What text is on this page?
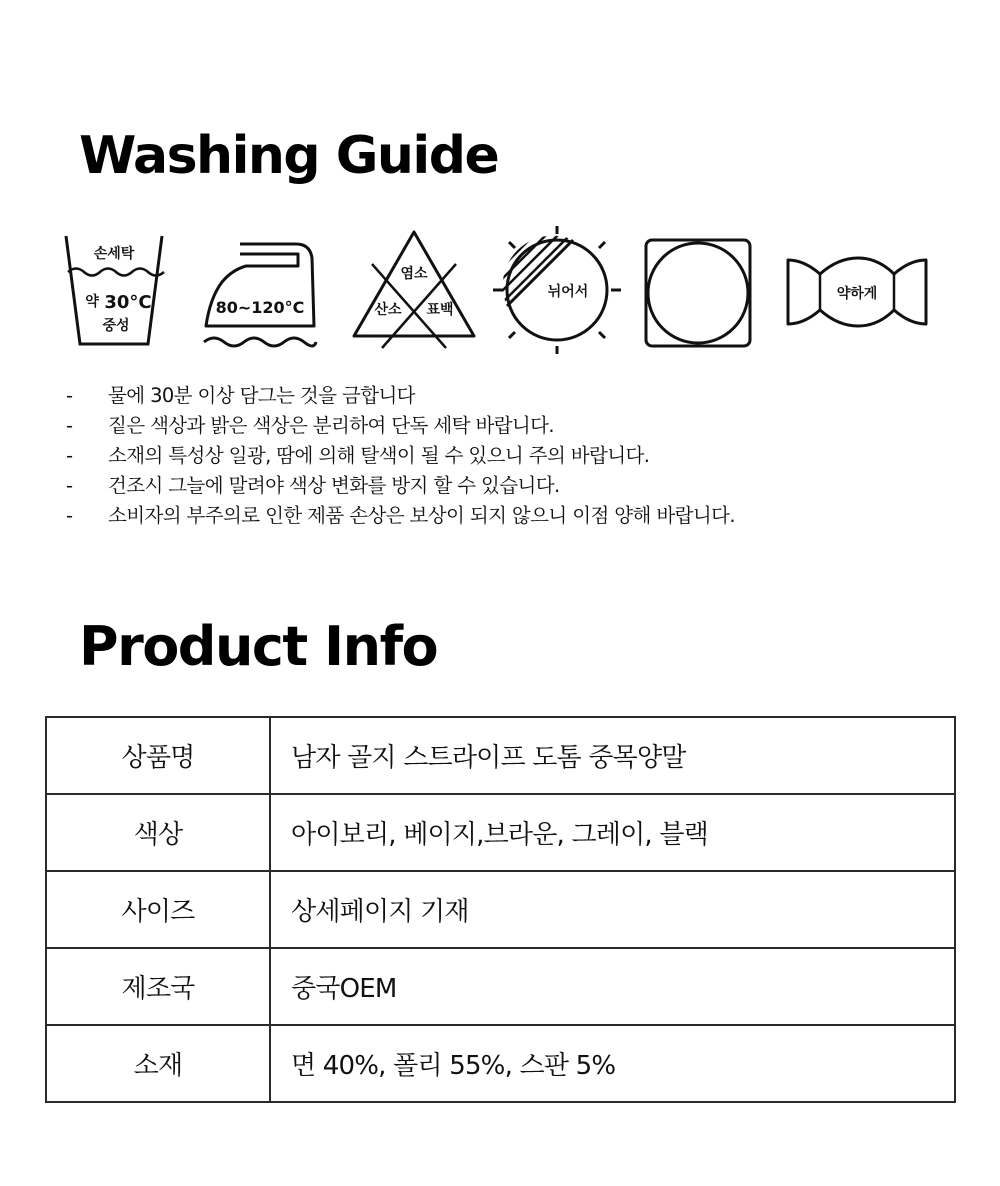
Washing Guide
손세탁
약 30°C
중성
80~120°C
염소
산소 표백
뉘어서	약하게
- 물에 30분 이상 담그는 것을 금합니다
- 짙은 색상과 밝은 색상은 분리하여 단독 세탁 바랍니다.
- 소재의 특성상 일광, 땀에 의해 탈색이 될 수 있으니 주의 바랍니다.
- 건조시 그늘에 말려야 색상 변화를 방지 할 수 있습니다.
- 소비자의 부주의로 인한 제품 손상은 보상이 되지 않으니 이점 양해 바랍니다.
Product Info
상품명	남자 골지 스트라이프 도톰 중목양말
색상	아이보리, 베이지,브라운, 그레이, 블랙
사이즈	상세페이지 기재
제조국	중국OEM
소재	면 40%, 폴리 55%, 스판 5%
